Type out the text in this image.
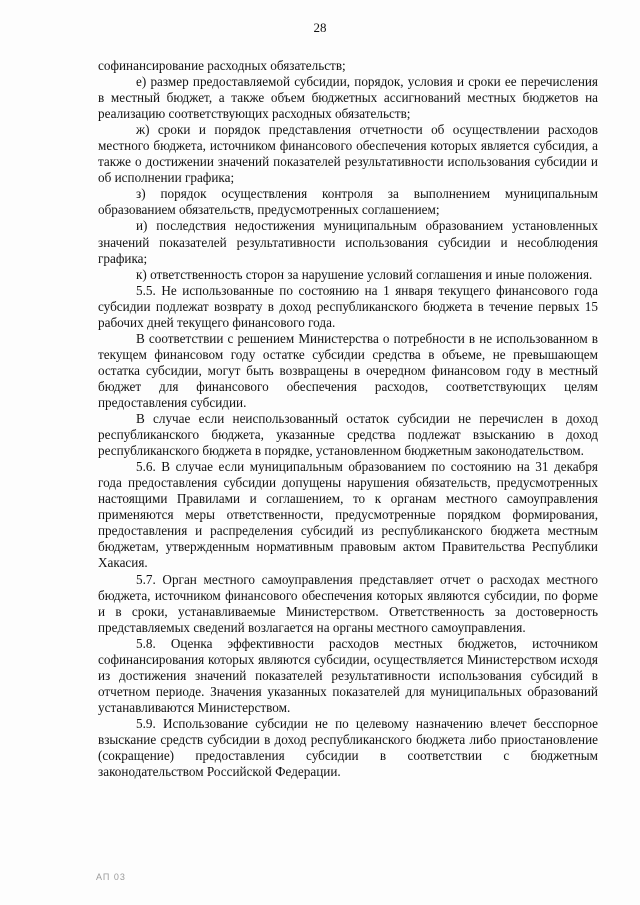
28

софинансирование расходных обязательств;

е) размер предоставляемой субсидии, порядок, условия и сроки ее перечисления в местный бюджет, а также объем бюджетных ассигнований местных бюджетов на реализацию соответствующих расходных обязательств;

ж) сроки и порядок представления отчетности об осуществлении расходов местного бюджета, источником финансового обеспечения которых является субсидия, а также о достижении значений показателей результативности использования субсидии и об исполнении графика;

з) порядок осуществления контроля за выполнением муниципальным образованием обязательств, предусмотренных соглашением;

и) последствия недостижения муниципальным образованием установленных значений показателей результативности использования субсидии и несоблюдения графика;

к) ответственность сторон за нарушение условий соглашения и иные положения.

5.5. Не использованные по состоянию на 1 января текущего финансового года субсидии подлежат возврату в доход республиканского бюджета в течение первых 15 рабочих дней текущего финансового года.

В соответствии с решением Министерства о потребности в не использованном в текущем финансовом году остатке субсидии средства в объеме, не превышающем остатка субсидии, могут быть возвращены в очередном финансовом году в местный бюджет для финансового обеспечения расходов, соответствующих целям предоставления субсидии.

В случае если неиспользованный остаток субсидии не перечислен в доход республиканского бюджета, указанные средства подлежат взысканию в доход республиканского бюджета в порядке, установленном бюджетным законодательством.

5.6. В случае если муниципальным образованием по состоянию на 31 декабря года предоставления субсидии допущены нарушения обязательств, предусмотренных настоящими Правилами и соглашением, то к органам местного самоуправления применяются меры ответственности, предусмотренные порядком формирования, предоставления и распределения субсидий из республиканского бюджета местным бюджетам, утвержденным нормативным правовым актом Правительства Республики Хакасия.

5.7. Орган местного самоуправления представляет отчет о расходах местного бюджета, источником финансового обеспечения которых являются субсидии, по форме и в сроки, устанавливаемые Министерством. Ответственность за достоверность представляемых сведений возлагается на органы местного самоуправления.

5.8. Оценка эффективности расходов местных бюджетов, источником софинансирования которых являются субсидии, осуществляется Министерством исходя из достижения значений показателей результативности использования субсидий в отчетном периоде. Значения указанных показателей для муниципальных образований устанавливаются Министерством.

5.9. Использование субсидии не по целевому назначению влечет бесспорное взыскание средств субсидии в доход республиканского бюджета либо приостановление (сокращение) предоставления субсидии в соответствии с бюджетным законодательством Российской Федерации.

АП 03
